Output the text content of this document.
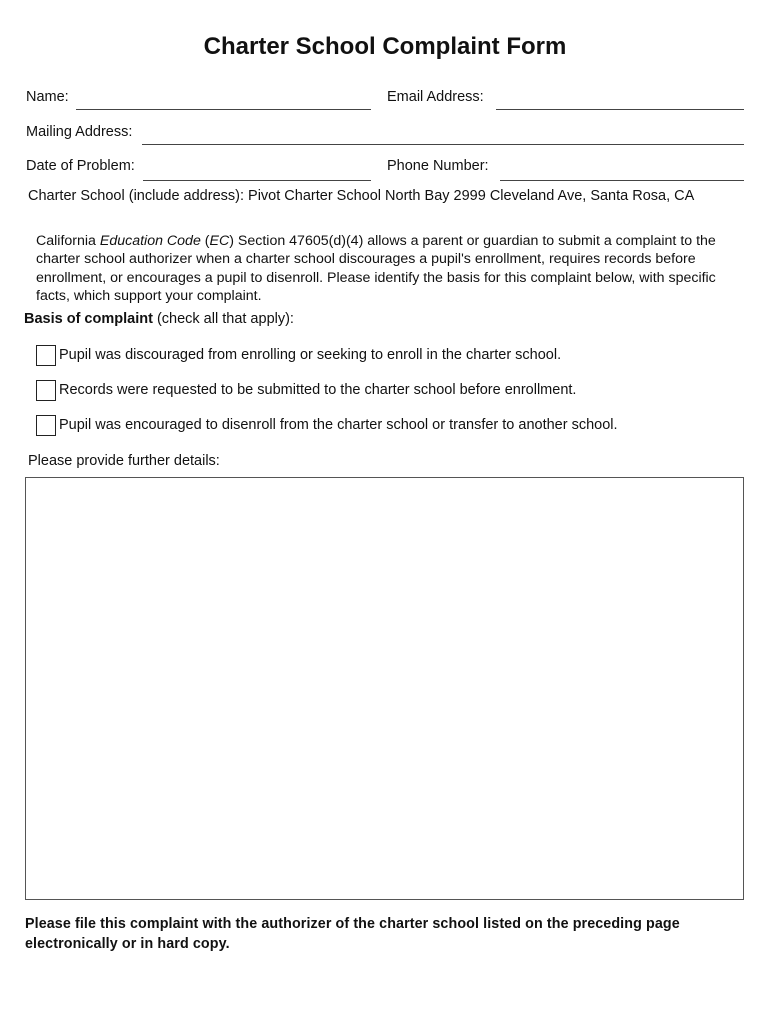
Charter School Complaint Form
Name:	Email Address:
Mailing Address:
Date of Problem:	Phone Number:
Charter School (include address): Pivot Charter School North Bay 2999 Cleveland Ave, Santa Rosa, CA
California Education Code (EC) Section 47605(d)(4) allows a parent or guardian to submit a complaint to the charter school authorizer when a charter school discourages a pupil's enrollment, requires records before enrollment, or encourages a pupil to disenroll. Please identify the basis for this complaint below, with specific facts, which support your complaint.
Basis of complaint (check all that apply):
Pupil was discouraged from enrolling or seeking to enroll in the charter school.
Records were requested to be submitted to the charter school before enrollment.
Pupil was encouraged to disenroll from the charter school or transfer to another school.
Please provide further details:
Please file this complaint with the authorizer of the charter school listed on the preceding page electronically or in hard copy.
